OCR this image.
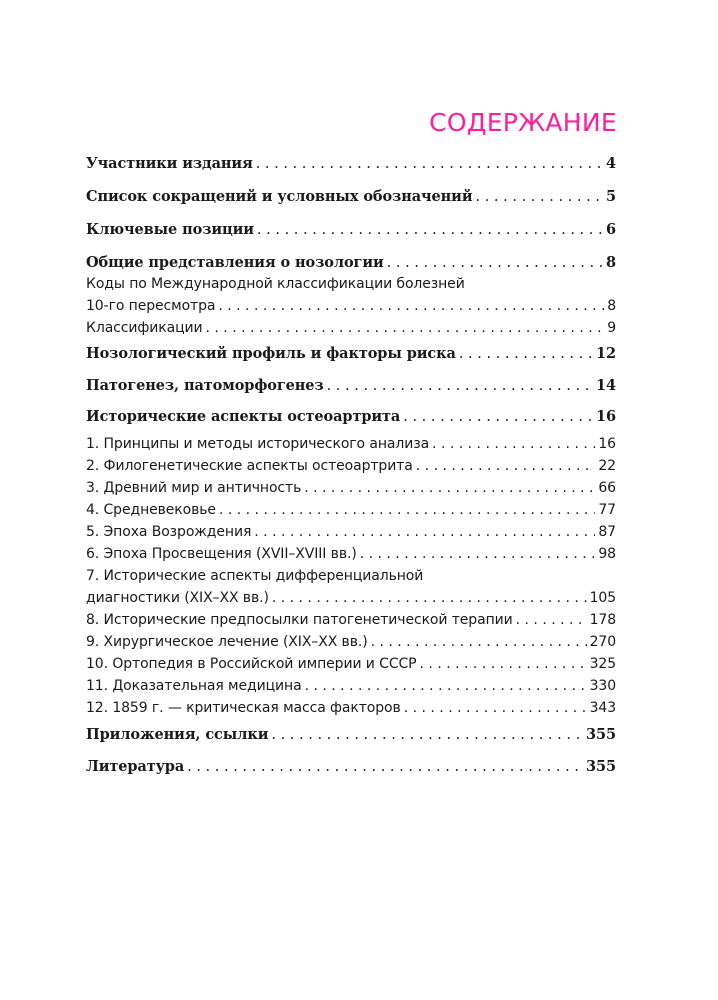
СОДЕРЖАНИЕ
Участники издания . . .	4
Список сокращений и условных обозначений . . .	5
Ключевые позиции . . .	6
Общие представления о нозологии . . .	8
Коды по Международной классификации болезней
10-го пересмотра . . .	8
Классификации . . .	9
Нозологический профиль и факторы риска . . .	12
Патогенез, патоморфогенез . . .	14
Исторические аспекты остеоартрита . . .	16
1. Принципы и методы исторического анализа . . .	16
2. Филогенетические аспекты остеоартрита . . .	22
3. Древний мир и античность . . .	66
4. Средневековье . . .	77
5. Эпоха Возрождения . . .	87
6. Эпоха Просвещения (XVII–XVIII вв.) . . .	98
7. Исторические аспекты дифференциальной
диагностики (XIX–XX вв.) . . .	105
8. Исторические предпосылки патогенетической терапии . . .	178
9. Хирургическое лечение (XIX–XX вв.) . . .	270
10. Ортопедия в Российской империи и СССР . . .	325
11. Доказательная медицина . . .	330
12. 1859 г. — критическая масса факторов . . .	343
Приложения, ссылки . . .	355
Литература . . .	355
